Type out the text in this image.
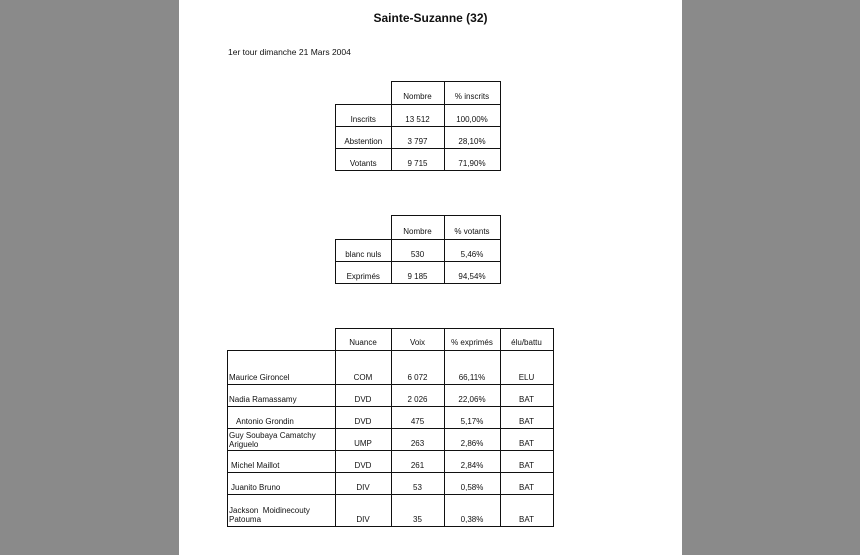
Sainte-Suzanne (32)
1er tour dimanche 21 Mars 2004
	Nombre	% inscrits
Inscrits	13 512	100,00%
Abstention	3 797	28,10%
Votants	9 715	71,90%
	Nombre	% votants
blanc nuls	530	5,46%
Exprimés	9 185	94,54%
	Nuance	Voix	% exprimés	élu/battu
Maurice Gironcel	COM	6 072	66,11%	ELU
Nadia Ramassamy	DVD	2 026	22,06%	BAT
Antonio Grondin	DVD	475	5,17%	BAT
Guy Soubaya Camatchy Ariguelo	UMP	263	2,86%	BAT
Michel Maillot	DVD	261	2,84%	BAT
Juanito Bruno	DIV	53	0,58%	BAT
Jackson  Moidinecouty Patouma	DIV	35	0,38%	BAT
